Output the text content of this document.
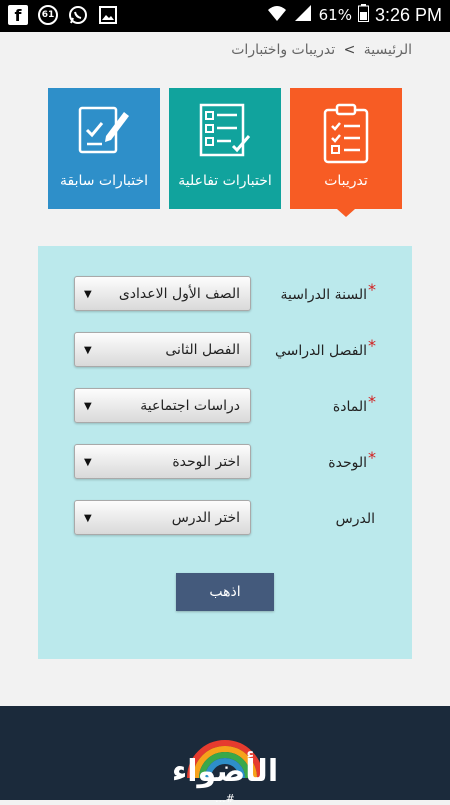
f	61	61% 3:26 PM
الرئيسية > تدريبات واختبارات
تدريبات
اختبارات تفاعلية
اختبارات سابقة
*السنة الدراسية
الصف الأول الاعدادى
▼
*الفصل الدراسي
الفصل الثانى
▼
*المادة
دراسات اجتماعية
▼
*الوحدة
اختر الوحدة
▼
الدرس
اختر الدرس
▼
اذهب
الأضواء
#...
